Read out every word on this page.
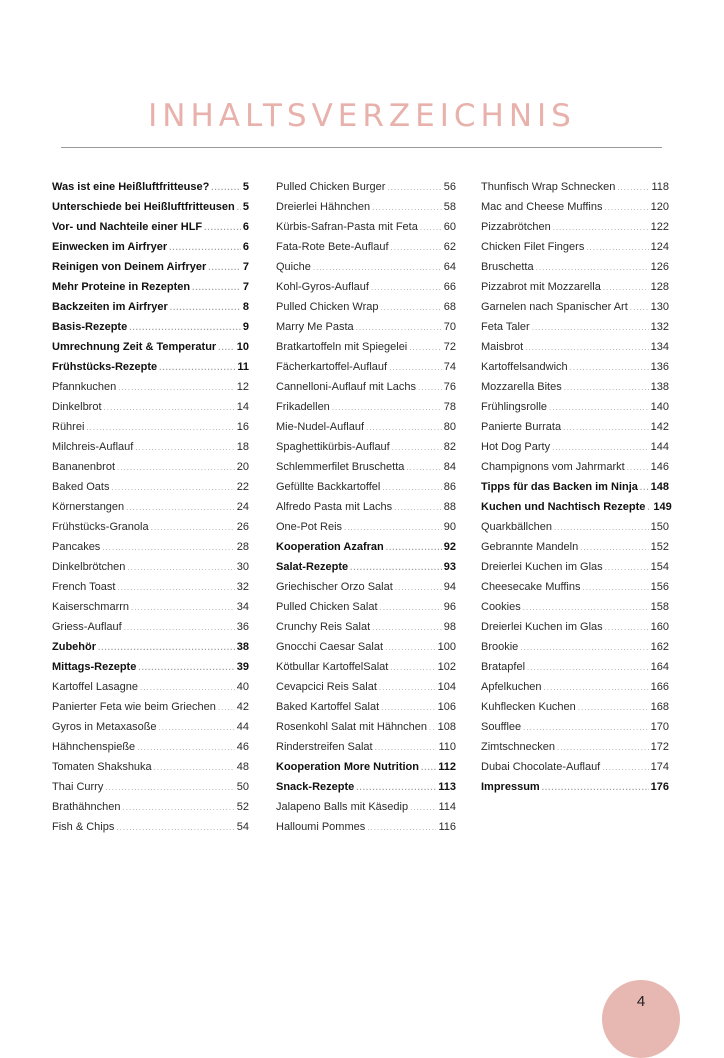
INHALTSVERZEICHNIS
Was ist eine Heißluftfritteuse? .....	5
Unterschiede bei Heißluftfritteusen ..... 5
Vor- und Nachteile einer HLF .....	6
Einwecken im Airfryer .....	6
Reinigen von Deinem Airfryer .....	7
Mehr Proteine in Rezepten .....	7
Backzeiten im Airfryer .....	8
Basis-Rezepte .....	9
Umrechnung Zeit & Temperatur ..... 10
Frühstücks-Rezepte .....	11
Pfannkuchen .....	12
Dinkelbrot .....	14
Rührei .....	16
Milchreis-Auflauf .....	18
Bananenbrot .....	20
Baked Oats .....	22
Körnerstangen .....	24
Frühstücks-Granola .....	26
Pancakes .....	28
Dinkelbrötchen .....	30
French Toast .....	32
Kaiserschmarrn .....	34
Griess-Auflauf .....	36
Zubehör .....	38
Mittags-Rezepte .....	39
Kartoffel Lasagne .....	40
Panierter Feta wie beim Griechen ..... 42
Gyros in Metaxasoße .....	44
Hähnchenspieße .....	46
Tomaten Shakshuka .....	48
Thai Curry .....	50
Brathähnchen .....	52
Fish & Chips .....	54
Pulled Chicken Burger .....	56
Dreierlei Hähnchen .....	58
Kürbis-Safran-Pasta mit Feta ..... 60
Fata-Rote Bete-Auflauf .....	62
Quiche .....	64
Kohl-Gyros-Auflauf .....	66
Pulled Chicken Wrap .....	68
Marry Me Pasta .....	70
Bratkartoffeln mit Spiegelei .....	72
Fächerkartoffel-Auflauf .....	74
Cannelloni-Auflauf mit Lachs .....	76
Frikadellen .....	78
Mie-Nudel-Auflauf .....	80
Spaghettikürbis-Auflauf .....	82
Schlemmerfilet Bruschetta .....	84
Gefüllte Backkartoffel .....	86
Alfredo Pasta mit Lachs .....	88
One-Pot Reis .....	90
Kooperation Azafran .....	92
Salat-Rezepte .....	93
Griechischer Orzo Salat .....	94
Pulled Chicken Salat .....	96
Crunchy Reis Salat .....	98
Gnocchi Caesar Salat .....	100
Kötbullar KartoffelSalat .....	102
Cevapcici Reis Salat .....	104
Baked Kartoffel Salat .....	106
Rosenkohl Salat mit Hähnchen ..... 108
Rinderstreifen Salat .....	110
Kooperation More Nutrition ..... 112
Snack-Rezepte .....	113
Jalapeno Balls mit Käsedip .....	114
Halloumi Pommes .....	116
Thunfisch Wrap Schnecken .....	118
Mac and Cheese Muffins .....	120
Pizzabrötchen .....	122
Chicken Filet Fingers .....	124
Bruschetta .....	126
Pizzabrot mit Mozzarella .....	128
Garnelen nach Spanischer Art ..... 130
Feta Taler .....	132
Maisbrot .....	134
Kartoffelsandwich .....	136
Mozzarella Bites .....	138
Frühlingsrolle .....	140
Panierte Burrata .....	142
Hot Dog Party .....	144
Champignons vom Jahrmarkt ..... 146
Tipps für das Backen im Ninja ..... 148
Kuchen und Nachtisch Rezepte ..... 149
Quarkbällchen .....	150
Gebrannte Mandeln .....	152
Dreierlei Kuchen im Glas .....	154
Cheesecake Muffins .....	156
Cookies .....	158
Dreierlei Kuchen im Glas .....	160
Brookie .....	162
Bratapfel .....	164
Apfelkuchen .....	166
Kuhflecken Kuchen .....	168
Soufflee .....	170
Zimtschnecken .....	172
Dubai Chocolate-Auflauf .....	174
Impressum .....	176
4
